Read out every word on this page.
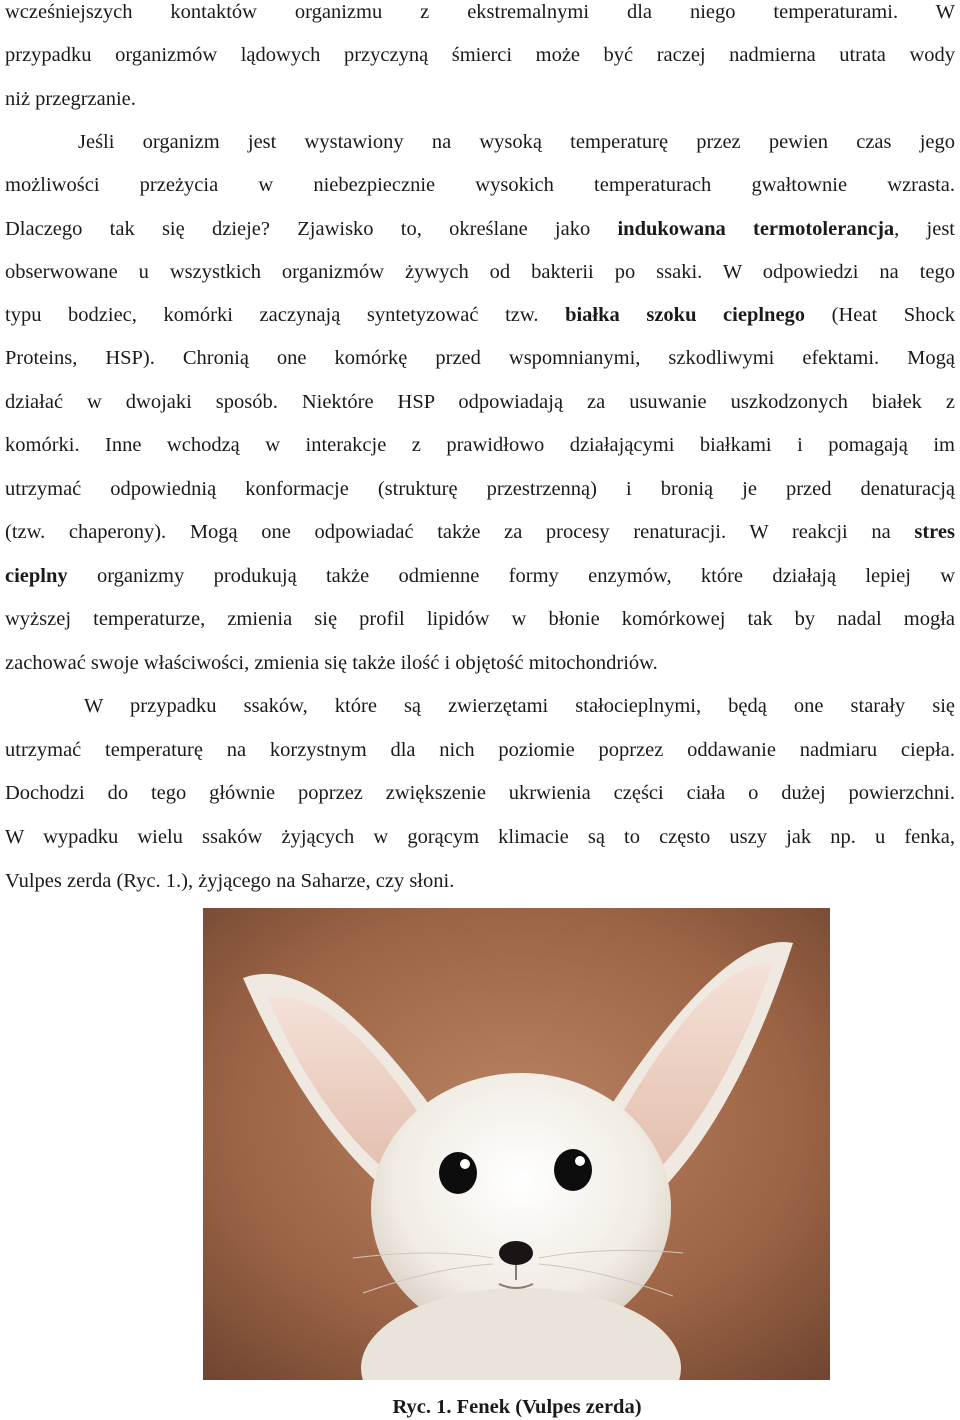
wcześniejszych kontaktów organizmu z ekstremalnymi dla niego temperaturami. W
przypadku organizmów lądowych przyczyną śmierci może być raczej nadmierna utrata wody
niż przegrzanie.
Jeśli organizm jest wystawiony na wysoką temperaturę przez pewien czas jego
możliwości przeżycia w niebezpiecznie wysokich temperaturach gwałtownie wzrasta.
Dlaczego tak się dzieje? Zjawisko to, określane jako indukowana termotolerancja, jest
obserwowane u wszystkich organizmów żywych od bakterii po ssaki. W odpowiedzi na tego
typu bodziec, komórki zaczynają syntetyzować tzw. białka szoku cieplnego (Heat Shock
Proteins, HSP). Chronią one komórkę przed wspomnianymi, szkodliwymi efektami. Mogą
działać w dwojaki sposób. Niektóre HSP odpowiadają za usuwanie uszkodzonych białek z
komórki. Inne wchodzą w interakcje z prawidłowo działającymi białkami i pomagają im
utrzymać odpowiednią konformacje (strukturę przestrzenną) i bronią je przed denaturacją
(tzw. chaperony). Mogą one odpowiadać także za procesy renaturacji. W reakcji na stres
cieplny organizmy produkują także odmienne formy enzymów, które działają lepiej w
wyższej temperaturze, zmienia się profil lipidów w błonie komórkowej tak by nadal mogła
zachować swoje właściwości, zmienia się także ilość i objętość mitochondriów.
W przypadku ssaków, które są zwierzętami stałocieplnymi, będą one starały się
utrzymać temperaturę na korzystnym dla nich poziomie poprzez oddawanie nadmiaru ciepła.
Dochodzi do tego głównie poprzez zwiększenie ukrwienia części ciała o dużej powierzchni.
W wypadku wielu ssaków żyjących w gorącym klimacie są to często uszy jak np. u fenka,
Vulpes zerda (Ryc. 1.), żyjącego na Saharze, czy słoni.
Ryc. 1. Fenek (Vulpes zerda)
